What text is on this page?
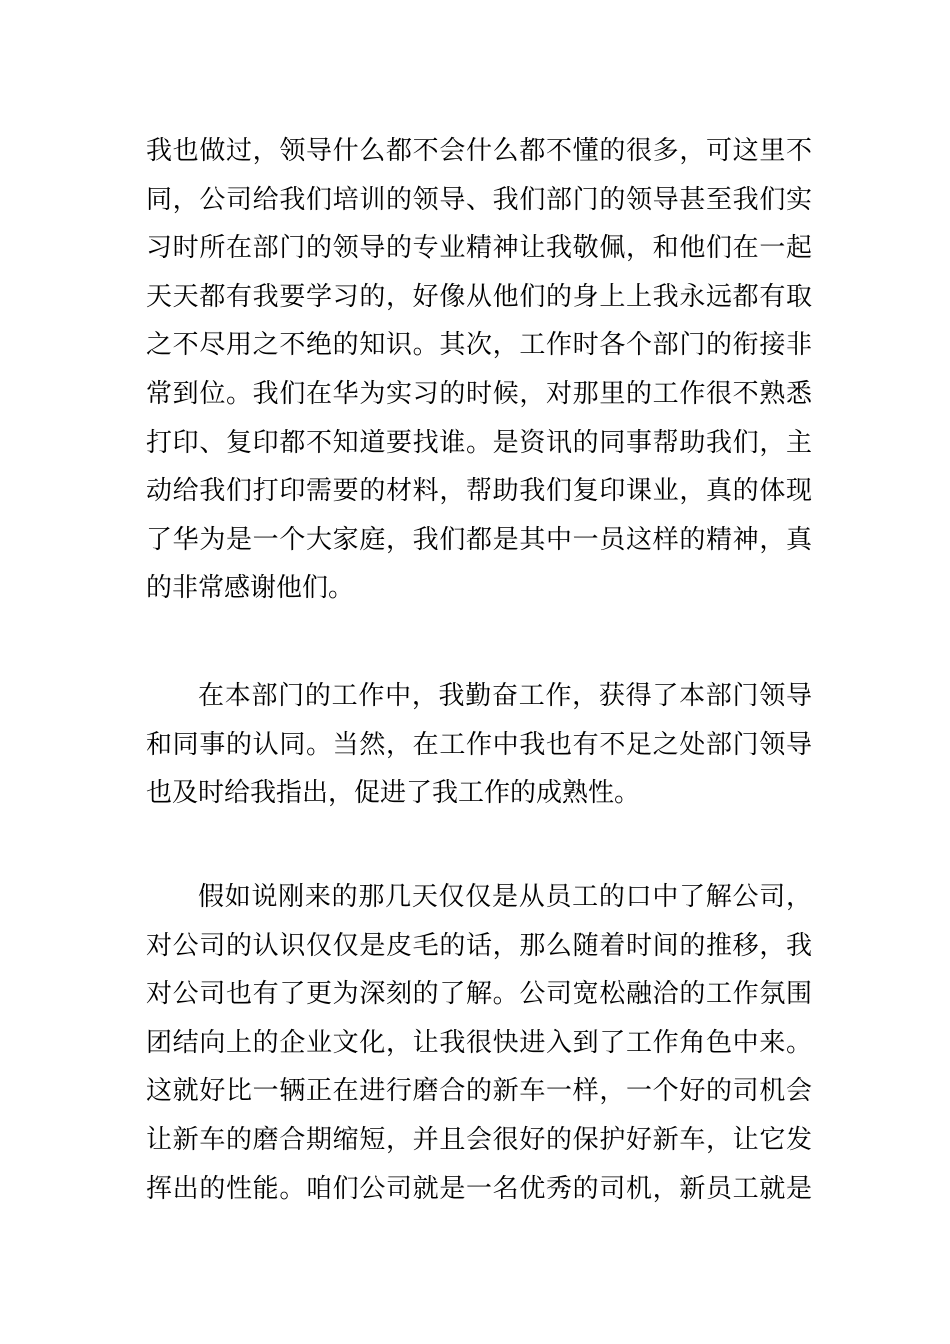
我也做过，领导什么都不会什么都不懂的很多，可这里不
同，公司给我们培训的领导、我们部门的领导甚至我们实
习时所在部门的领导的专业精神让我敬佩，和他们在一起
天天都有我要学习的，好像从他们的身上上我永远都有取
之不尽用之不绝的知识。其次，工作时各个部门的衔接非
常到位。我们在华为实习的时候，对那里的工作很不熟悉
打印、复印都不知道要找谁。是资讯的同事帮助我们，主
动给我们打印需要的材料，帮助我们复印课业，真的体现
了华为是一个大家庭，我们都是其中一员这样的精神，真
的非常感谢他们。
在本部门的工作中，我勤奋工作，获得了本部门领导
和同事的认同。当然，在工作中我也有不足之处部门领导
也及时给我指出，促进了我工作的成熟性。
假如说刚来的那几天仅仅是从员工的口中了解公司，
对公司的认识仅仅是皮毛的话，那么随着时间的推移，我
对公司也有了更为深刻的了解。公司宽松融洽的工作氛围
团结向上的企业文化，让我很快进入到了工作角色中来。
这就好比一辆正在进行磨合的新车一样，一个好的司机会
让新车的磨合期缩短，并且会很好的保护好新车，让它发
挥出的性能。咱们公司就是一名优秀的司机，新员工就是
